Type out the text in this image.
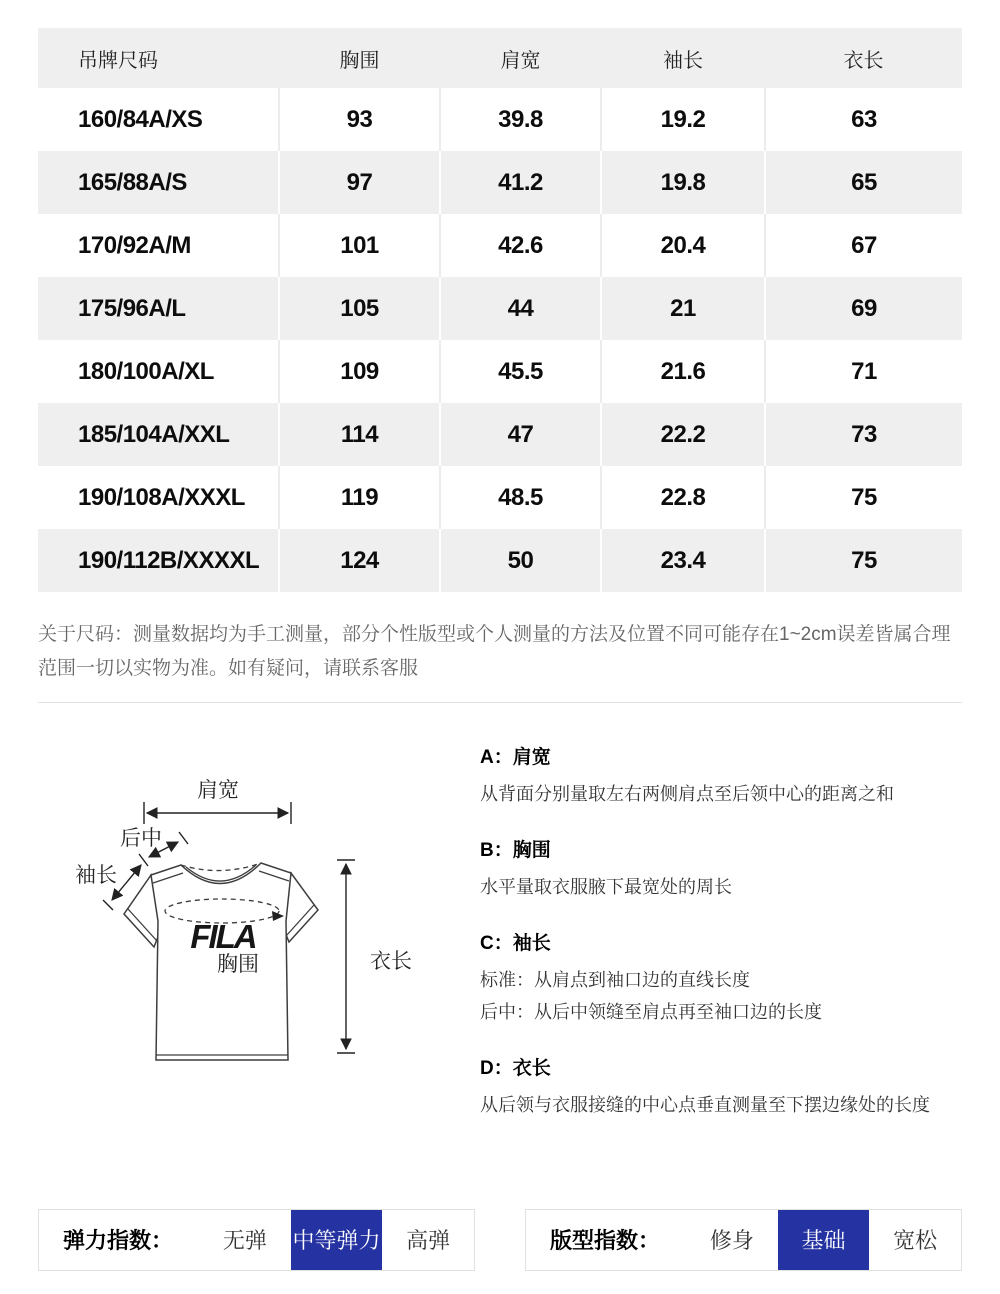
吊牌尺码	胸围	肩宽	袖长	衣长
160/84A/XS	93	39.8	19.2	63
165/88A/S	97	41.2	19.8	65
170/92A/M	101	42.6	20.4	67
175/96A/L	105	44	21	69
180/100A/XL	109	45.5	21.6	71
185/104A/XXL	114	47	22.2	73
190/108A/XXXL	119	48.5	22.8	75
190/112B/XXXXL	124	50	23.4	75

关于尺码：测量数据均为手工测量，部分个性版型或个人测量的方法及位置不同可能存在1~2cm误差皆属合理范围一切以实物为准。如有疑问，请联系客服

肩宽
后中
袖长
FILA
胸围	衣长
A：肩宽
从背面分别量取左右两侧肩点至后领中心的距离之和
B：胸围
水平量取衣服腋下最宽处的周长
C：袖长
标准：从肩点到袖口边的直线长度
后中：从后中领缝至肩点再至袖口边的长度
D：衣长
从后领与衣服接缝的中心点垂直测量至下摆边缘处的长度
弹力指数：	无弹	中等弹力	高弹	版型指数：	修身	基础	宽松
